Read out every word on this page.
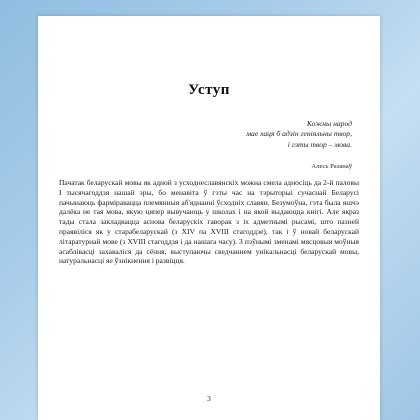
Уступ
Кожны народ
мае хаця б адзін геніяльны твор,
і гэты твор – мова.
Алесь Разанаў

Пачатак беларускай мовы як адной з усходнеславянскіх можна смела адносіць да 2-й паловы І тысячагоддзя нашай эры, бо менавіта ў гэты час на тэрыторыі сучаснай Беларусі пачынаюць фарміравацца племянныя аб'яднанні ўсходніх славян. Безумоўна, гэта была яшчэ далёка не тая мова, якую цяпер вывучаюць у школах і на якой выдаюцца кнігі. Але якраз тады стала закладвацца аснова беларускіх гаворак з іх адметнымі рысамі, што пазней праявіліся як у старабеларускай (з XIV па XVIII стагоддзе), так і ў новай беларускай літаратурнай мове (з XVIII стагоддзя і да нашага часу). З пэўнымі зменамі мясцовыя моўныя асаблівасці захаваліся да сёння, выступаючы сведчаннем унікальнасці беларускай мовы, натуральнасці яе ўзнікнення і развіцця.

3
